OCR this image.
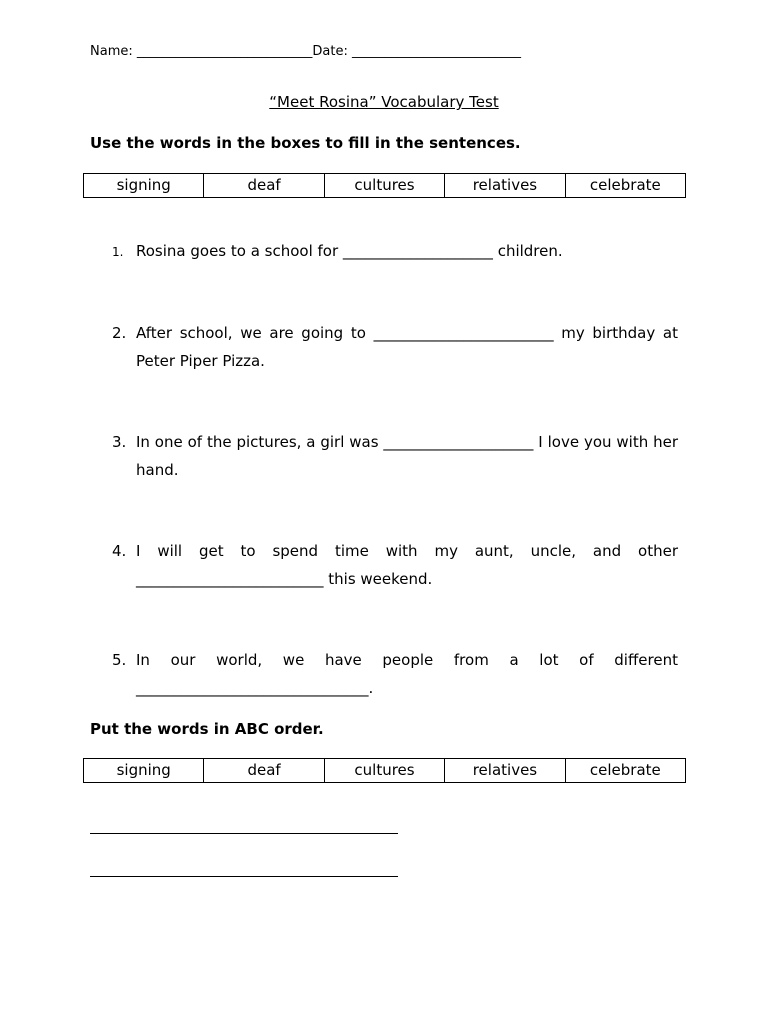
Name: ___________________________Date: __________________________
“Meet Rosina” Vocabulary Test
Use the words in the boxes to fill in the sentences.
signing	deaf	cultures	relatives	celebrate
1. Rosina goes to a school for ____________________ children.
2. After school, we are going to ________________________ my birthday at Peter Piper Pizza.
3. In one of the pictures, a girl was ____________________ I love you with her hand.
4. I will get to spend time with my aunt, uncle, and other _________________________ this weekend.
5. In our world, we have people from a lot of different _______________________________.
Put the words in ABC order.
signing	deaf	cultures	relatives	celebrate
